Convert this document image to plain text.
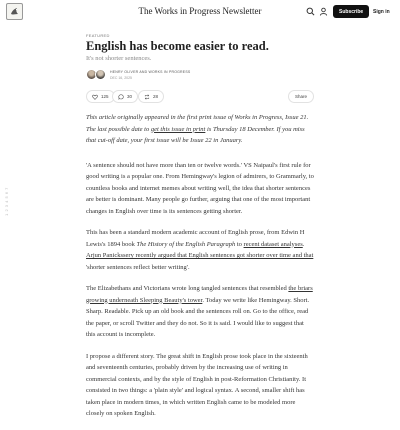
The Works in Progress Newsletter	Subscribe	Sign in
1 2 3 4 5 6 7
FEATURED
English has become easier to read.
It's not shorter sentences.
HENRY OLIVER AND WORKS IN PROGRESS
DEC 16, 2025
125	30	28	Share

This article originally appeared in the first print issue of Works in Progress, Issue 21. The last possible date to get this issue in print is Thursday 18 December. If you miss that cut-off date, your first issue will be Issue 22 in January.

'A sentence should not have more than ten or twelve words.' VS Naipaul's first rule for good writing is a popular one. From Hemingway's legion of admirers, to Grammarly, to countless books and internet memes about writing well, the idea that shorter sentences are better is dominant. Many people go further, arguing that one of the most important changes in English over time is its sentences getting shorter.

This has been a standard modern academic account of English prose, from Edwin H Lewis's 1894 book The History of the English Paragraph to recent dataset analyses. Arjun Panickssery recently argued that English sentences got shorter over time and that 'shorter sentences reflect better writing'.

The Elizabethans and Victorians wrote long tangled sentences that resembled the briars growing underneath Sleeping Beauty's tower. Today we write like Hemingway. Short. Sharp. Readable. Pick up an old book and the sentences roll on. Go to the office, read the paper, or scroll Twitter and they do not. So it is said. I would like to suggest that this account is incomplete.

I propose a different story. The great shift in English prose took place in the sixteenth and seventeenth centuries, probably driven by the increasing use of writing in commercial contexts, and by the style of English in post-Reformation Christianity. It consisted in two things: a 'plain style' and logical syntax. A second, smaller shift has taken place in modern times, in which written English came to be modeled more closely on spoken English.
